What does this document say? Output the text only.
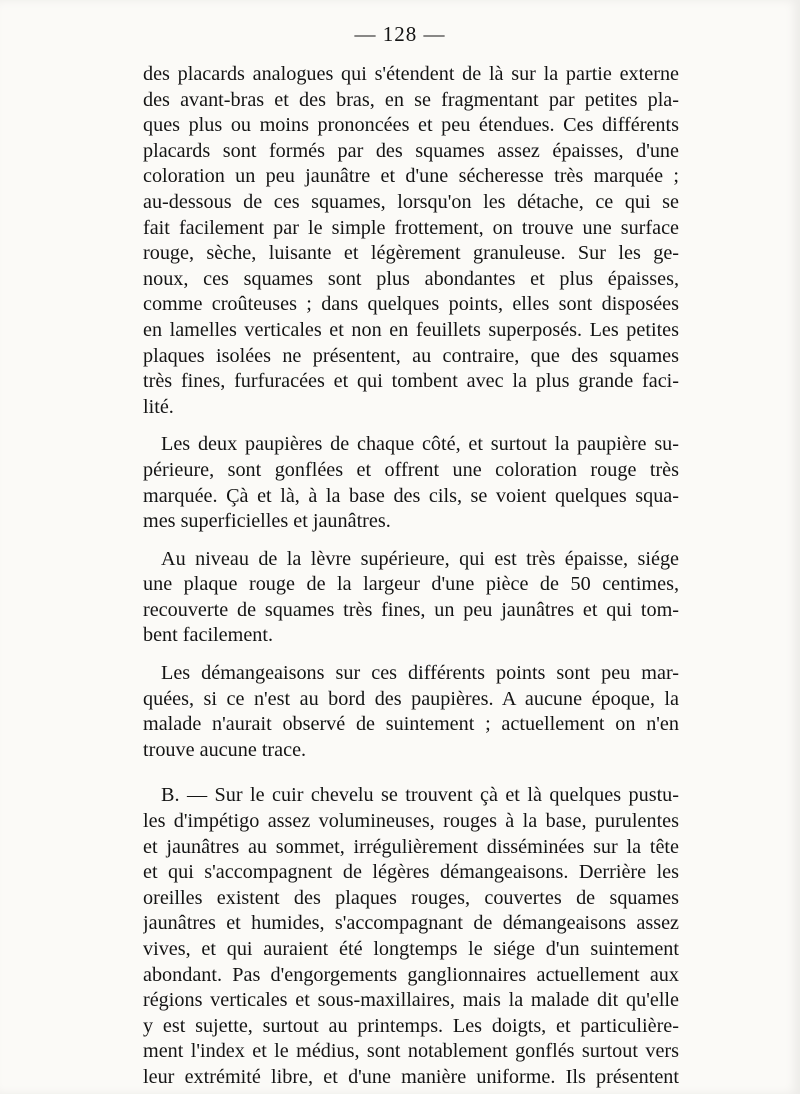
— 128 —
des placards analogues qui s'étendent de là sur la partie externe
des avant-bras et des bras, en se fragmentant par petites pla-
ques plus ou moins prononcées et peu étendues. Ces différents
placards sont formés par des squames assez épaisses, d'une
coloration un peu jaunâtre et d'une sécheresse très marquée ;
au-dessous de ces squames, lorsqu'on les détache, ce qui se
fait facilement par le simple frottement, on trouve une surface
rouge, sèche, luisante et légèrement granuleuse. Sur les ge-
noux, ces squames sont plus abondantes et plus épaisses,
comme croûteuses ; dans quelques points, elles sont disposées
en lamelles verticales et non en feuillets superposés. Les petites
plaques isolées ne présentent, au contraire, que des squames
très fines, furfuracées et qui tombent avec la plus grande faci-
lité.
Les deux paupières de chaque côté, et surtout la paupière su-
périeure, sont gonflées et offrent une coloration rouge très
marquée. Çà et là, à la base des cils, se voient quelques squa-
mes superficielles et jaunâtres.
Au niveau de la lèvre supérieure, qui est très épaisse, siége
une plaque rouge de la largeur d'une pièce de 50 centimes,
recouverte de squames très fines, un peu jaunâtres et qui tom-
bent facilement.
Les démangeaisons sur ces différents points sont peu mar-
quées, si ce n'est au bord des paupières. A aucune époque, la
malade n'aurait observé de suintement ; actuellement on n'en
trouve aucune trace.
B. — Sur le cuir chevelu se trouvent çà et là quelques pustu-
les d'impétigo assez volumineuses, rouges à la base, purulentes
et jaunâtres au sommet, irrégulièrement disséminées sur la tête
et qui s'accompagnent de légères démangeaisons. Derrière les
oreilles existent des plaques rouges, couvertes de squames
jaunâtres et humides, s'accompagnant de démangeaisons assez
vives, et qui auraient été longtemps le siége d'un suintement
abondant. Pas d'engorgements ganglionnaires actuellement aux
régions verticales et sous-maxillaires, mais la malade dit qu'elle
y est sujette, surtout au printemps. Les doigts, et particulière-
ment l'index et le médius, sont notablement gonflés surtout vers
leur extrémité libre, et d'une manière uniforme. Ils présentent
